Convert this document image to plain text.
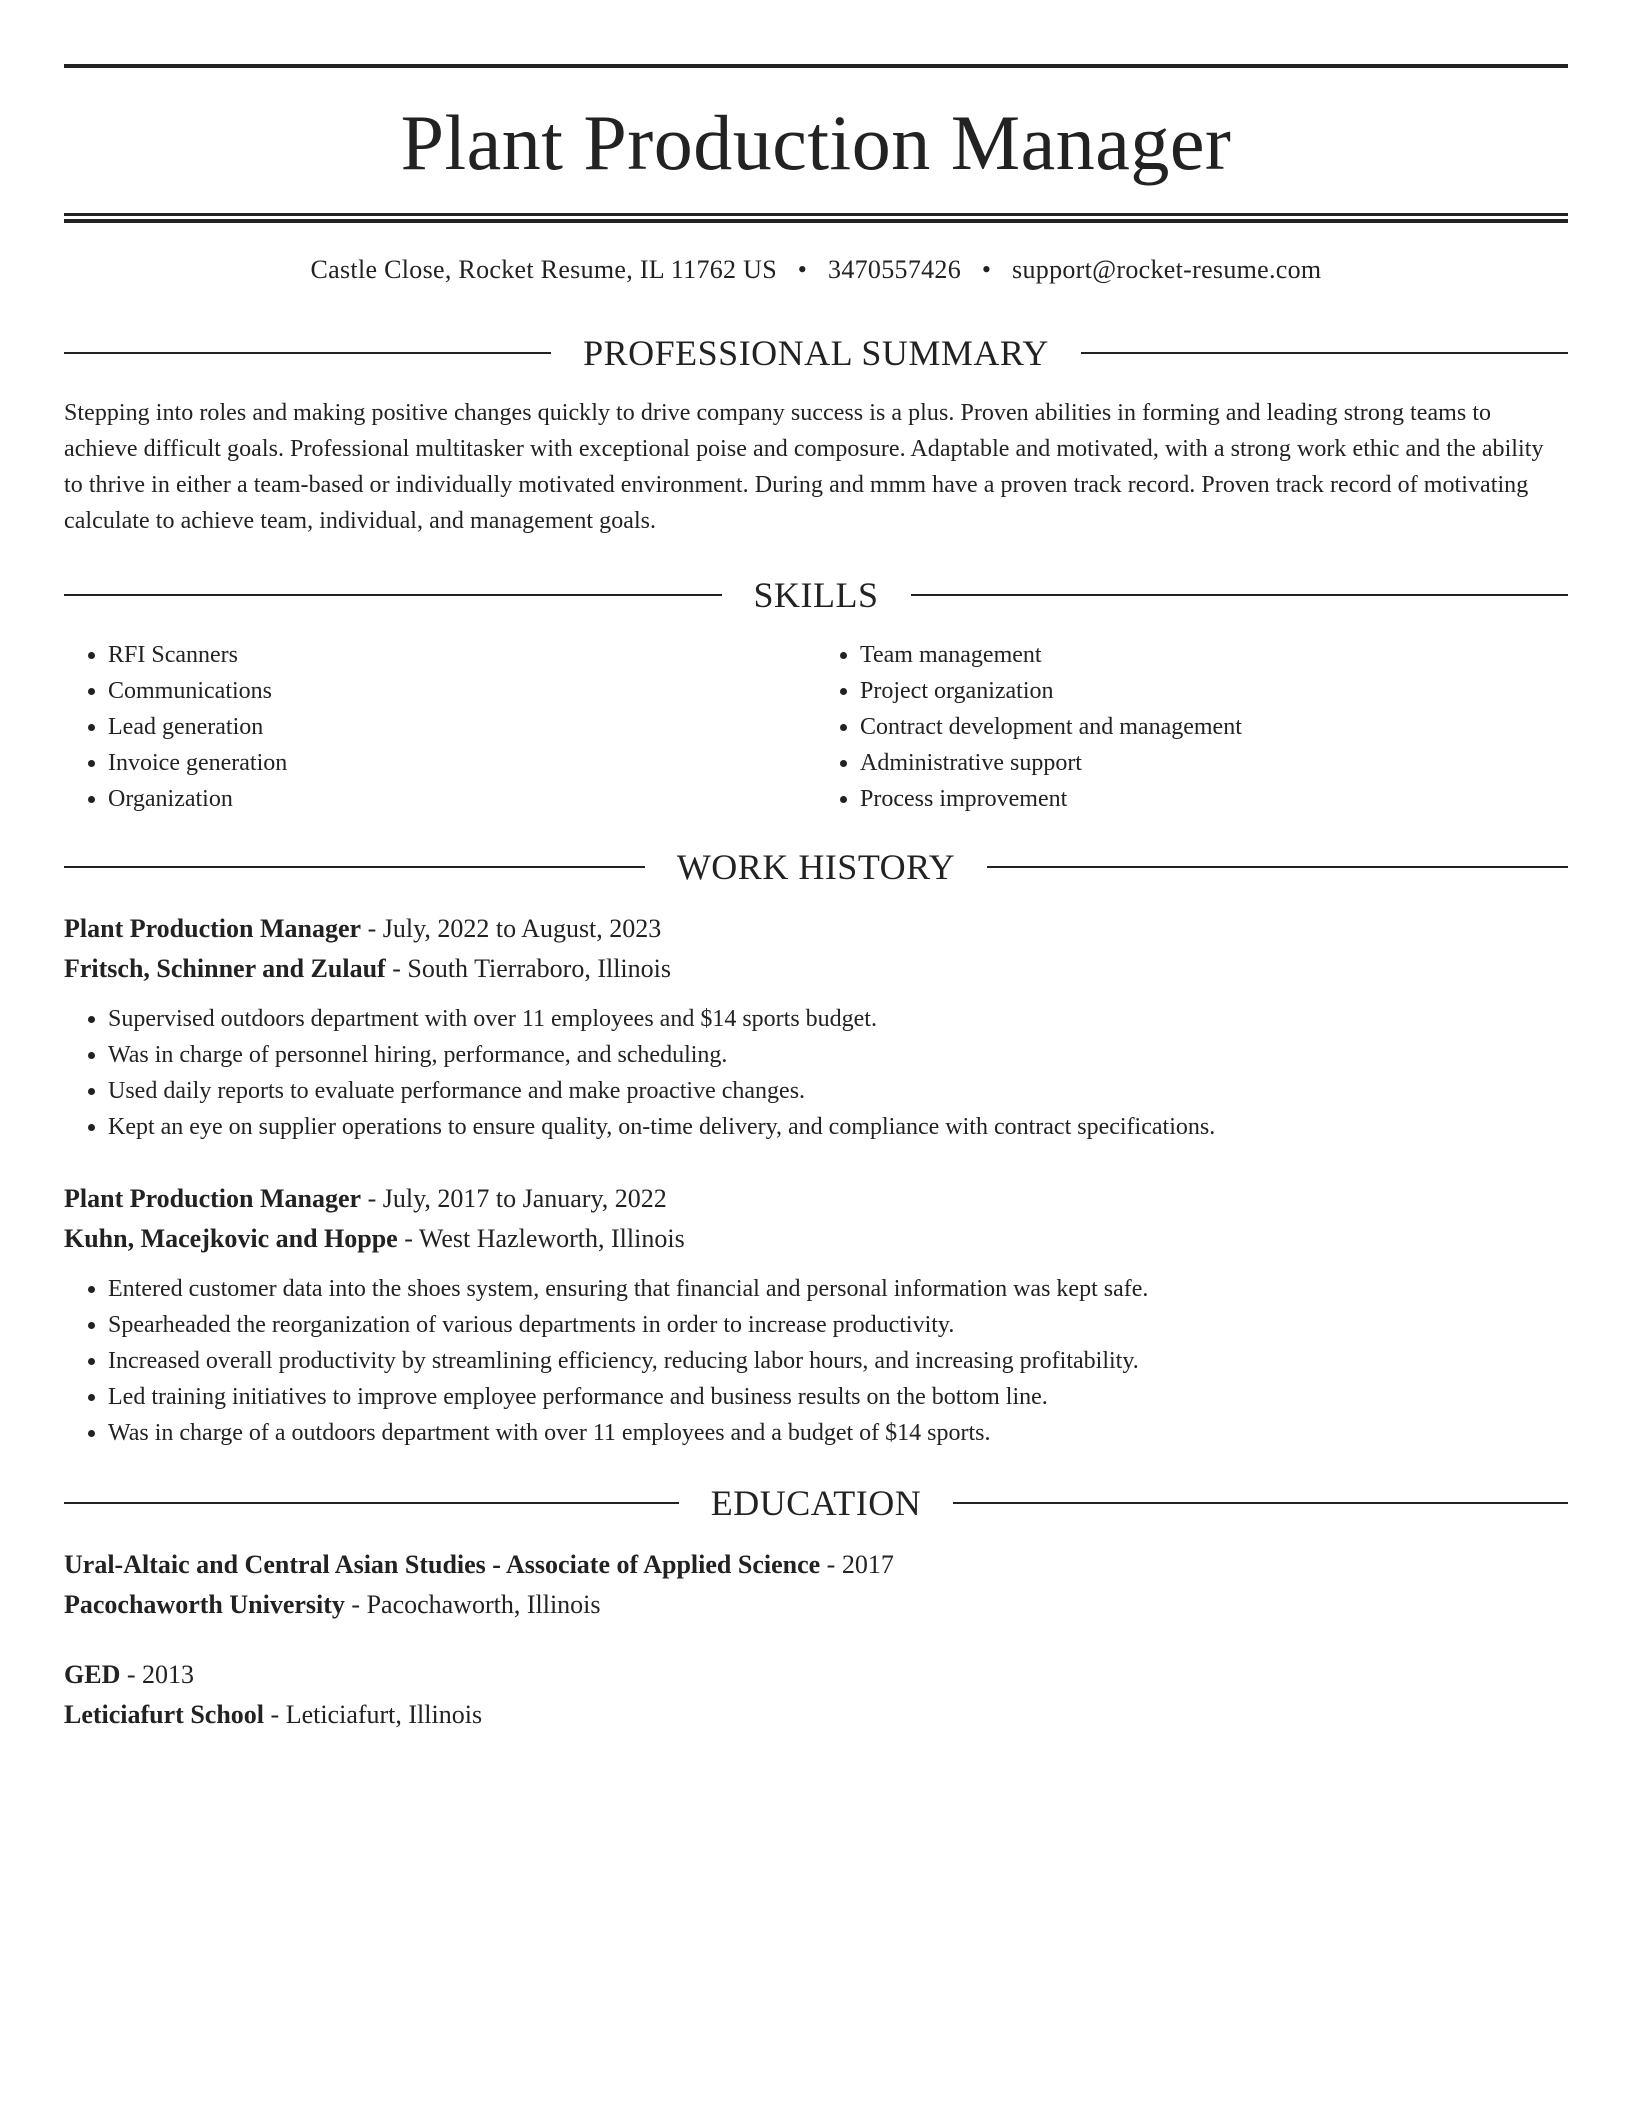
Plant Production Manager
Castle Close, Rocket Resume, IL 11762 US • 3470557426 • support@rocket-resume.com
PROFESSIONAL SUMMARY

Stepping into roles and making positive changes quickly to drive company success is a plus. Proven abilities in forming and leading strong teams to achieve difficult goals. Professional multitasker with exceptional poise and composure. Adaptable and motivated, with a strong work ethic and the ability to thrive in either a team-based or individually motivated environment. During and mmm have a proven track record. Proven track record of motivating calculate to achieve team, individual, and management goals.

SKILLS
• RFI Scanners
• Communications
• Lead generation
• Invoice generation
• Organization
• Team management
• Project organization
• Contract development and management
• Administrative support
• Process improvement
WORK HISTORY
Plant Production Manager - July, 2022 to August, 2023
Fritsch, Schinner and Zulauf - South Tierraboro, Illinois
• Supervised outdoors department with over 11 employees and $14 sports budget.
• Was in charge of personnel hiring, performance, and scheduling.
• Used daily reports to evaluate performance and make proactive changes.
• Kept an eye on supplier operations to ensure quality, on-time delivery, and compliance with contract specifications.
Plant Production Manager - July, 2017 to January, 2022
Kuhn, Macejkovic and Hoppe - West Hazleworth, Illinois
• Entered customer data into the shoes system, ensuring that financial and personal information was kept safe.
• Spearheaded the reorganization of various departments in order to increase productivity.
• Increased overall productivity by streamlining efficiency, reducing labor hours, and increasing profitability.
• Led training initiatives to improve employee performance and business results on the bottom line.
• Was in charge of a outdoors department with over 11 employees and a budget of $14 sports.
EDUCATION
Ural-Altaic and Central Asian Studies - Associate of Applied Science - 2017
Pacochaworth University - Pacochaworth, Illinois
GED - 2013
Leticiafurt School - Leticiafurt, Illinois
